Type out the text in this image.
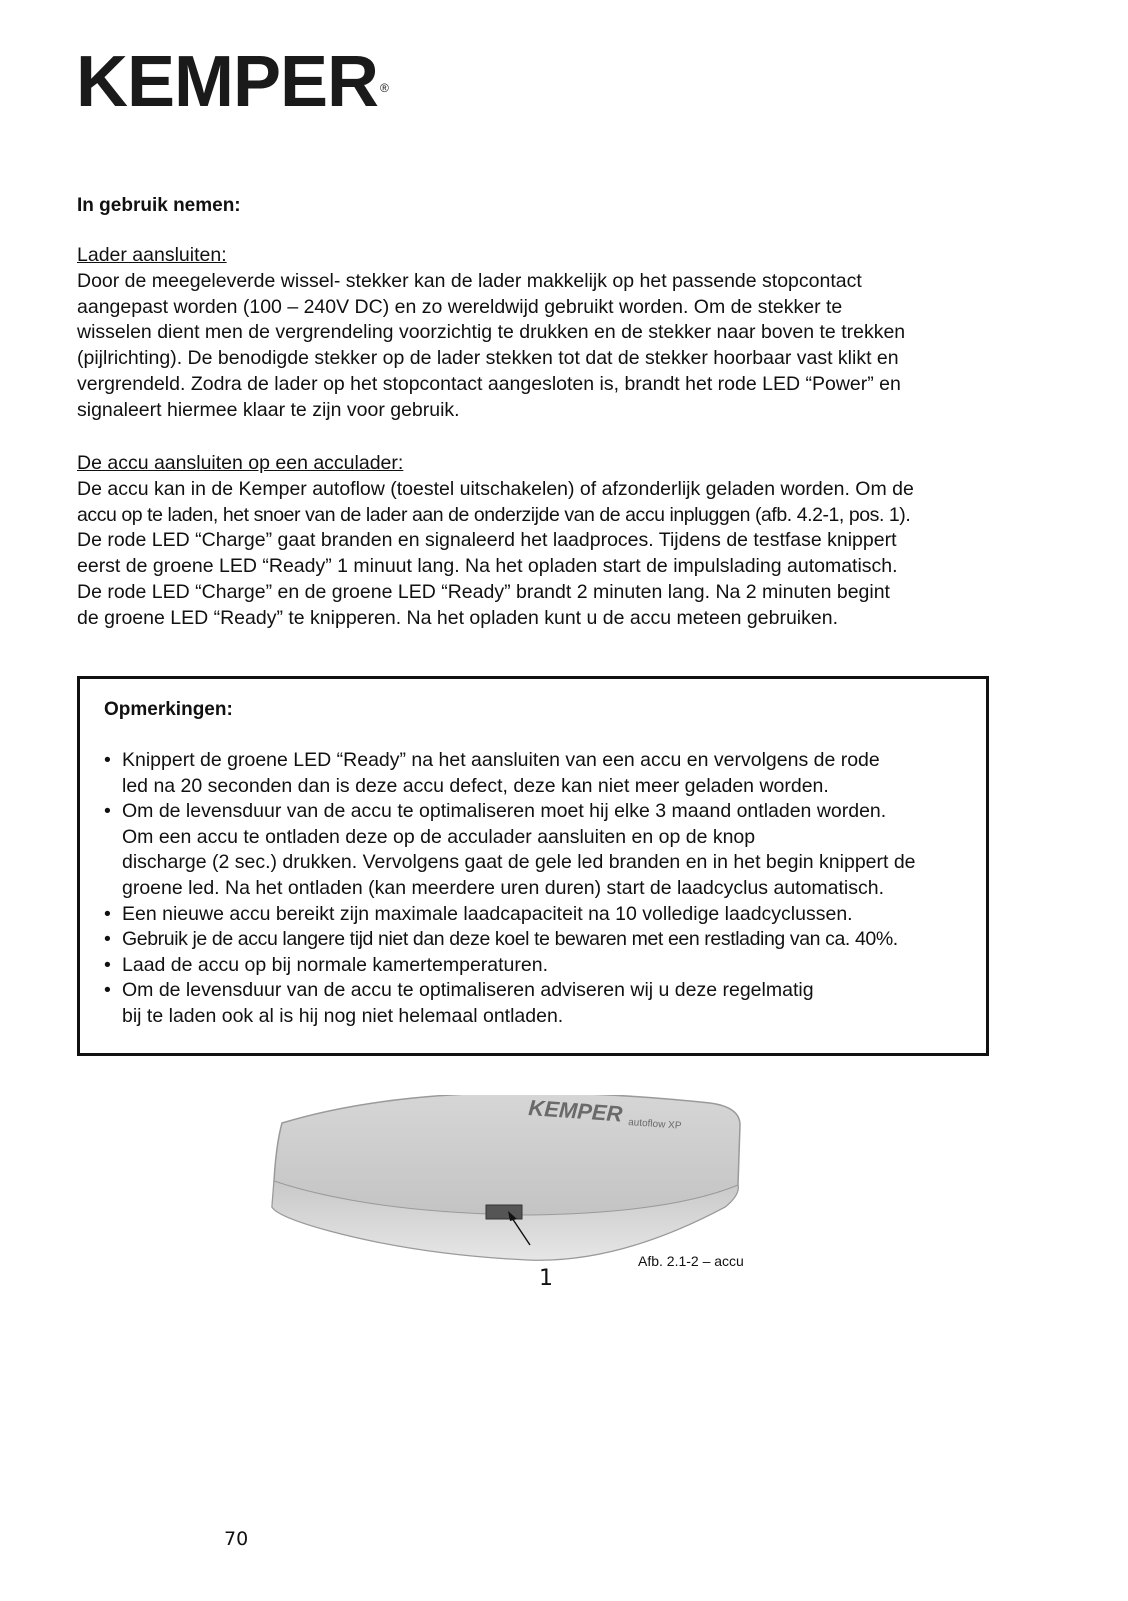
KEMPER ®
In gebruik nemen:
Lader aansluiten:

Door de meegeleverde wissel- stekker kan de lader makkelijk op het passende stopcontact

aangepast worden (100 – 240V DC) en zo wereldwijd gebruikt worden. Om de stekker te

wisselen dient men de vergrendeling voorzichtig te drukken en de stekker naar boven te trekken

(pijlrichting). De benodigde stekker op de lader stekken tot dat de stekker hoorbaar vast klikt en

vergrendeld. Zodra de lader op het stopcontact aangesloten is, brandt het rode LED “Power” en

signaleert hiermee klaar te zijn voor gebruik.

De accu aansluiten op een acculader:

De accu kan in de Kemper autoflow (toestel uitschakelen) of afzonderlijk geladen worden. Om de

accu op te laden, het snoer van de lader aan de onderzijde van de accu inpluggen (afb. 4.2-1, pos. 1).

De rode LED “Charge” gaat branden en signaleerd het laadproces. Tijdens de testfase knippert

eerst de groene LED “Ready” 1 minuut lang. Na het opladen start de impulslading automatisch.

De rode LED “Charge” en de groene LED “Ready” brandt 2 minuten lang. Na 2 minuten begint

de groene LED “Ready” te knipperen. Na het opladen kunt u de accu meteen gebruiken.

Opmerkingen:
• Knippert de groene LED “Ready” na het aansluiten van een accu en vervolgens de rode
led na 20 seconden dan is deze accu defect, deze kan niet meer geladen worden.
• Om de levensduur van de accu te optimaliseren moet hij elke 3 maand ontladen worden.
Om een accu te ontladen deze op de acculader aansluiten en op de knop
discharge (2 sec.) drukken. Vervolgens gaat de gele led branden en in het begin knippert de
groene led. Na het ontladen (kan meerdere uren duren) start de laadcyclus automatisch.
• Een nieuwe accu bereikt zijn maximale laadcapaciteit na 10 volledige laadcyclussen.
• Gebruik je de accu langere tijd niet dan deze koel te bewaren met een restlading van ca. 40%.
• Laad de accu op bij normale kamertemperaturen.
• Om de levensduur van de accu te optimaliseren adviseren wij u deze regelmatig
bij te laden ook al is hij nog niet helemaal ontladen.
KEMPER autoflow XP
1
Afb. 2.1-2 – accu
70
